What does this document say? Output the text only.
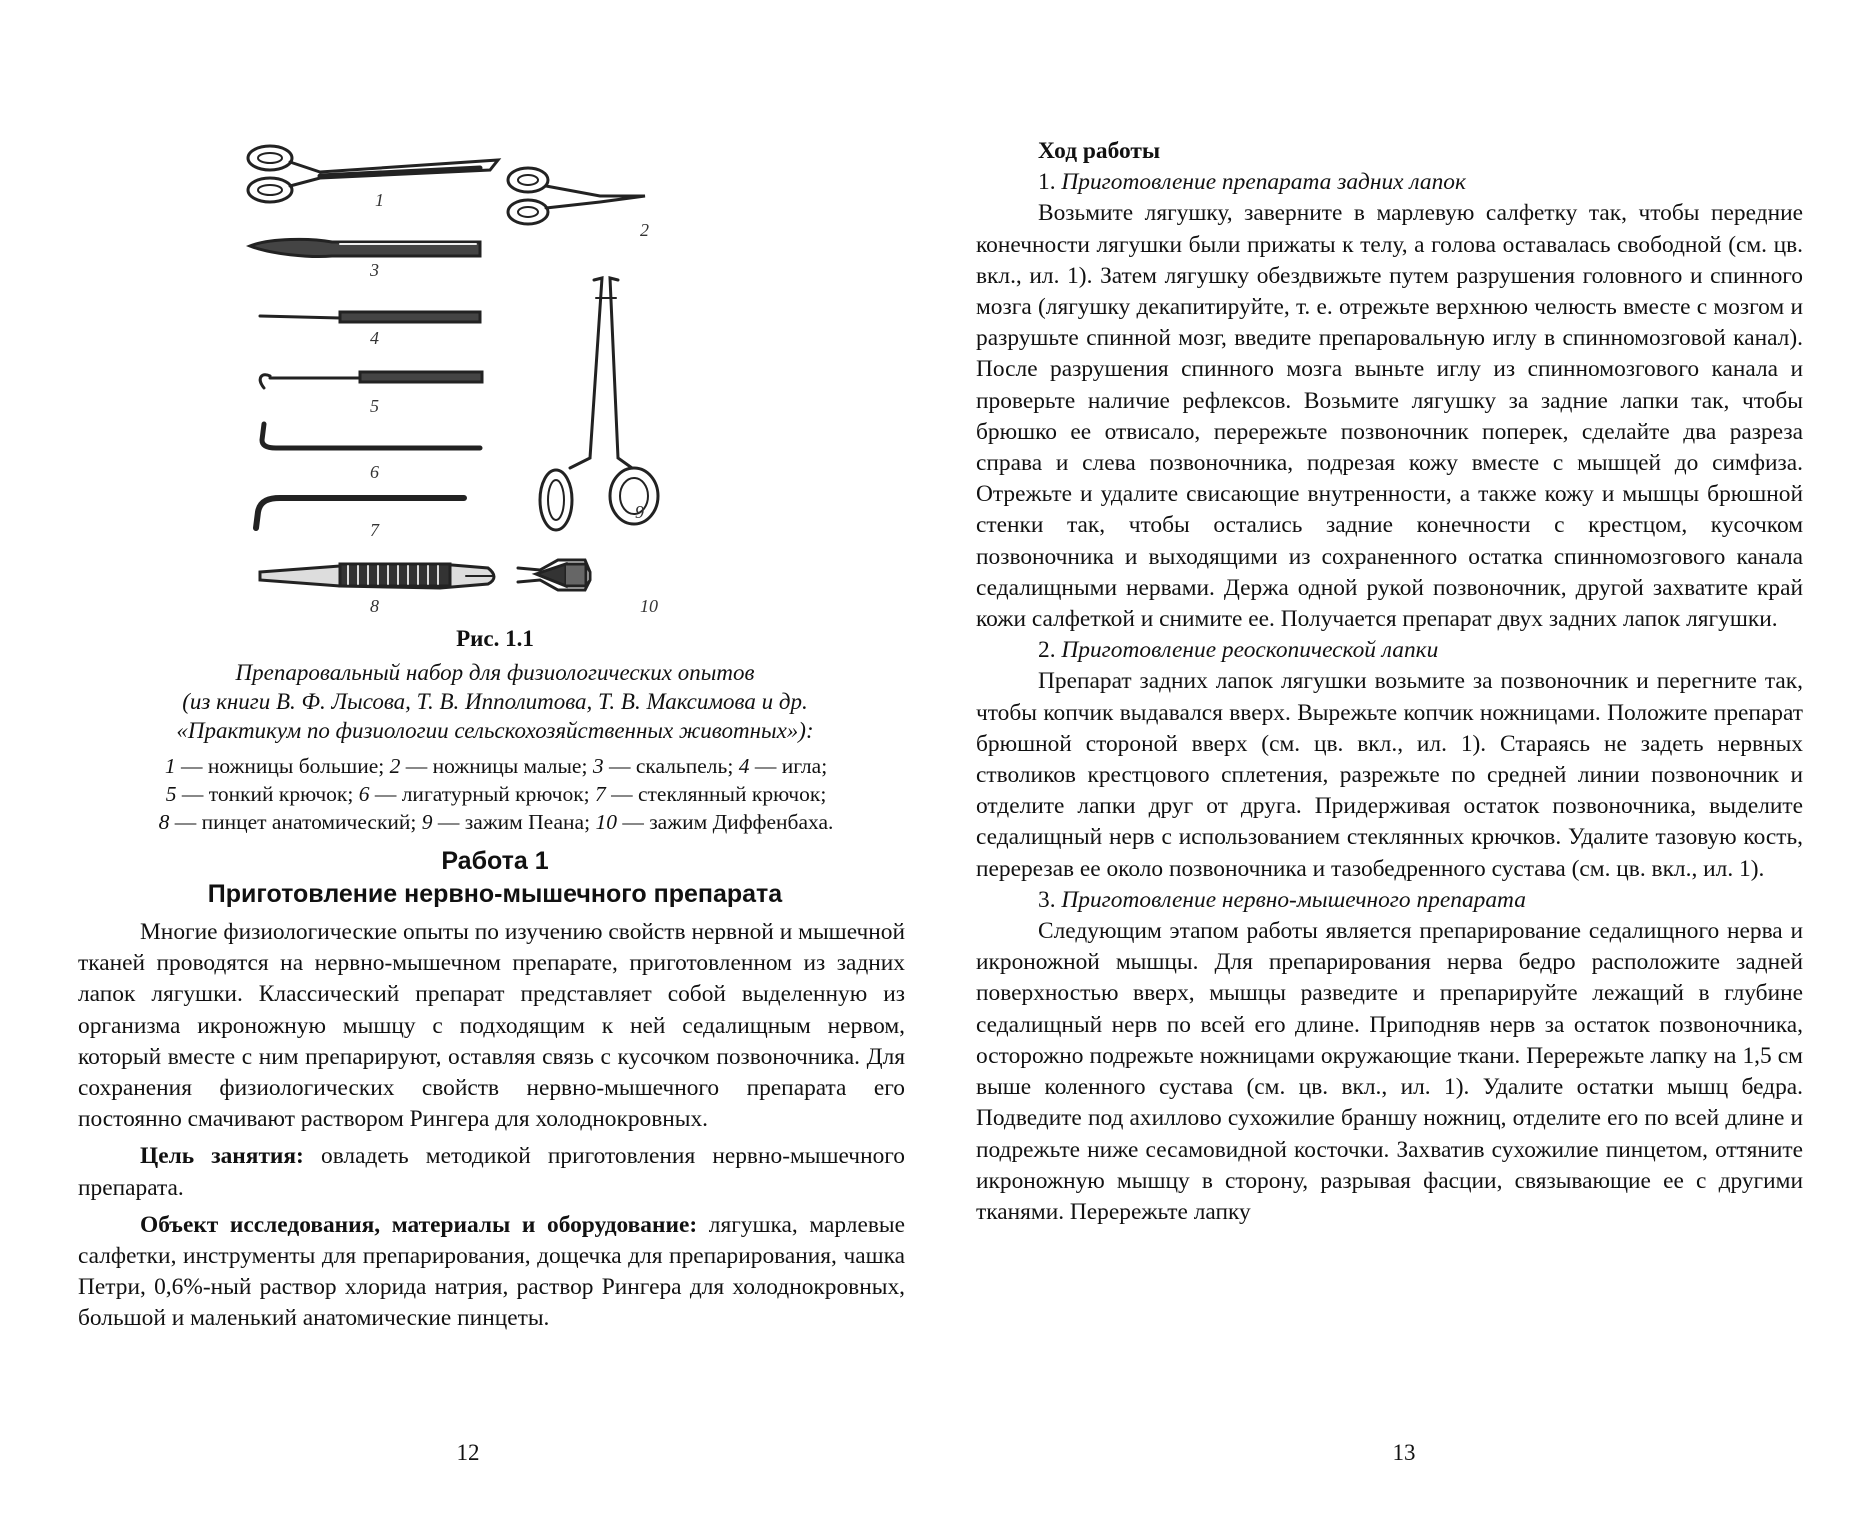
1
2
3
4
5
6
7
9
8	10
Рис. 1.1
Препаровальный набор для физиологических опытов
(из книги В. Ф. Лысова, Т. В. Ипполитова, Т. В. Максимова и др.
«Практикум по физиологии сельскохозяйственных животных»):
1 — ножницы большие; 2 — ножницы малые; 3 — скальпель; 4 — игла;
5 — тонкий крючок; 6 — лигатурный крючок; 7 — стеклянный крючок;
8 — пинцет анатомический; 9 — зажим Пеана; 10 — зажим Диффенбаха.
Работа 1
Приготовление нервно-мышечного препарата

Многие физиологические опыты по изучению свойств нервной и мышечной тканей проводятся на нервно-мышечном препарате, приготовленном из задних лапок лягушки. Классический препарат представляет собой выделенную из организма икроножную мышцу с подходящим к ней седалищным нервом, который вместе с ним препарируют, оставляя связь с кусочком позвоночника. Для сохранения физиологических свойств нервно-мышечного препарата его постоянно смачивают раствором Рингера для холоднокровных.

Цель занятия: овладеть методикой приготовления нервно-мышечного препарата.

Объект исследования, материалы и оборудование: лягушка, марлевые салфетки, инструменты для препарирования, дощечка для препарирования, чашка Петри, 0,6%-ный раствор хлорида натрия, раствор Рингера для холоднокровных, большой и маленький анатомические пинцеты.

12

Ход работы

1. Приготовление препарата задних лапок

Возьмите лягушку, заверните в марлевую салфетку так, чтобы передние конечности лягушки были прижаты к телу, а голова оставалась свободной (см. цв. вкл., ил. 1). Затем лягушку обездвижьте путем разрушения головного и спинного мозга (лягушку декапитируйте, т. е. отрежьте верхнюю челюсть вместе с мозгом и разрушьте спинной мозг, введите препаровальную иглу в спинномозговой канал). После разрушения спинного мозга выньте иглу из спинномозгового канала и проверьте наличие рефлексов. Возьмите лягушку за задние лапки так, чтобы брюшко ее отвисало, перережьте позвоночник поперек, сделайте два разреза справа и слева позвоночника, подрезая кожу вместе с мышцей до симфиза. Отрежьте и удалите свисающие внутренности, а также кожу и мышцы брюшной стенки так, чтобы остались задние конечности с крестцом, кусочком позвоночника и выходящими из сохраненного остатка спинномозгового канала седалищными нервами. Держа одной рукой позвоночник, другой захватите край кожи салфеткой и снимите ее. Получается препарат двух задних лапок лягушки.

2. Приготовление реоскопической лапки

Препарат задних лапок лягушки возьмите за позвоночник и перегните так, чтобы копчик выдавался вверх. Вырежьте копчик ножницами. Положите препарат брюшной стороной вверх (см. цв. вкл., ил. 1). Стараясь не задеть нервных стволиков крестцового сплетения, разрежьте по средней линии позвоночник и отделите лапки друг от друга. Придерживая остаток позвоночника, выделите седалищный нерв с использованием стеклянных крючков. Удалите тазовую кость, перерезав ее около позвоночника и тазобедренного сустава (см. цв. вкл., ил. 1).

3. Приготовление нервно-мышечного препарата

Следующим этапом работы является препарирование седалищного нерва и икроножной мышцы. Для препарирования нерва бедро расположите задней поверхностью вверх, мышцы разведите и препарируйте лежащий в глубине седалищный нерв по всей его длине. Приподняв нерв за остаток позвоночника, осторожно подрежьте ножницами окружающие ткани. Перережьте лапку на 1,5 см выше коленного сустава (см. цв. вкл., ил. 1). Удалите остатки мышц бедра. Подведите под ахиллово сухожилие браншу ножниц, отделите его по всей длине и подрежьте ниже сесамовидной косточки. Захватив сухожилие пинцетом, оттяните икроножную мышцу в сторону, разрывая фасции, связывающие ее с другими тканями. Перережьте лапку

13
